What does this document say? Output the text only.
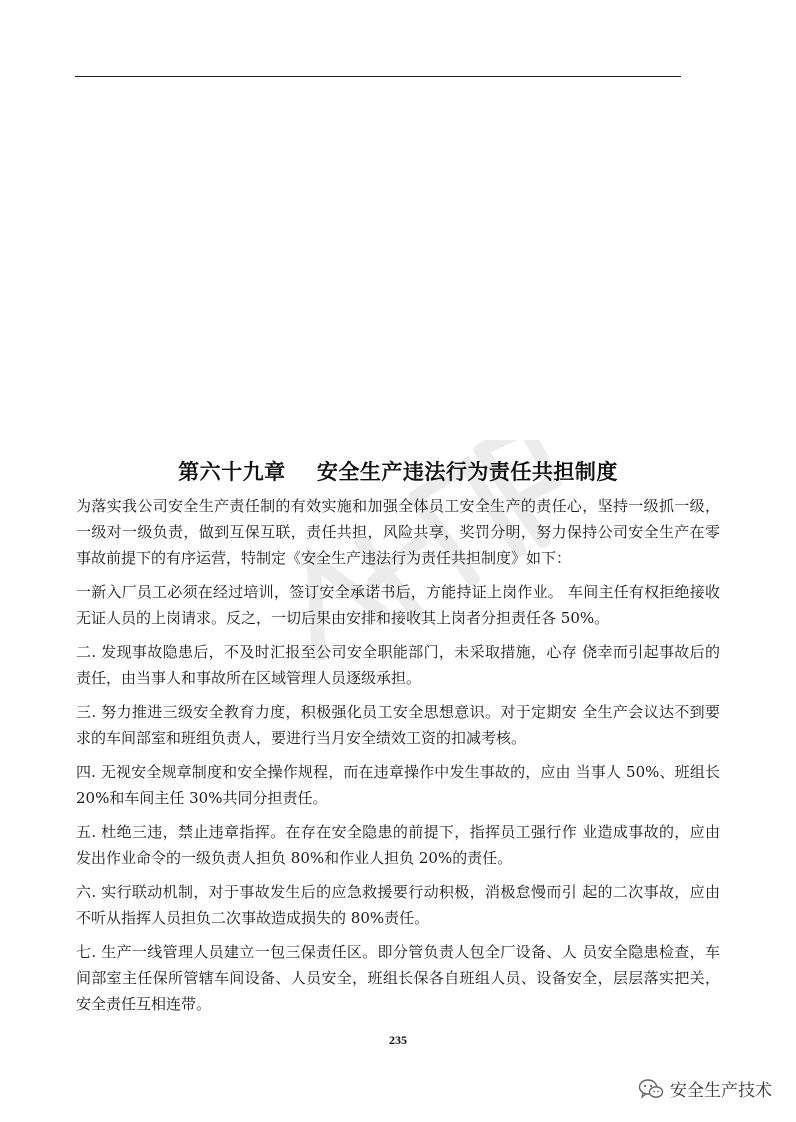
第六十九章    安全生产违法行为责任共担制度

为落实我公司安全生产责任制的有效实施和加强全体员工安全生产的责任心，坚持一级抓一级，一级对一级负责，做到互保互联，责任共担，风险共享，奖罚分明，努力保持公司安全生产在零事故前提下的有序运营，特制定《安全生产违法行为责任共担制度》如下：

一新入厂员工必须在经过培训，签订安全承诺书后，方能持证上岗作业。 车间主任有权拒绝接收无证人员的上岗请求。反之，一切后果由安排和接收其上岗者分担责任各 50%。

二. 发现事故隐患后，不及时汇报至公司安全职能部门，未采取措施，心存 侥幸而引起事故后的责任，由当事人和事故所在区域管理人员逐级承担。

三. 努力推进三级安全教育力度，积极强化员工安全思想意识。对于定期安 全生产会议达不到要求的车间部室和班组负责人，要进行当月安全绩效工资的扣减考核。

四. 无视安全规章制度和安全操作规程，而在违章操作中发生事故的，应由 当事人 50%、班组长 20%和车间主任 30%共同分担责任。

五. 杜绝三违，禁止违章指挥。在存在安全隐患的前提下，指挥员工强行作 业造成事故的，应由发出作业命令的一级负责人担负 80%和作业人担负 20%的责任。

六. 实行联动机制，对于事故发生后的应急救援要行动积极，消极怠慢而引 起的二次事故，应由不听从指挥人员担负二次事故造成损失的 80%责任。

七. 生产一线管理人员建立一包三保责任区。即分管负责人包全厂设备、人 员安全隐患检查，车间部室主任保所管辖车间设备、人员安全，班组长保各自班组人员、设备安全，层层落实把关，安全责任互相连带。

235
安全生产技术
